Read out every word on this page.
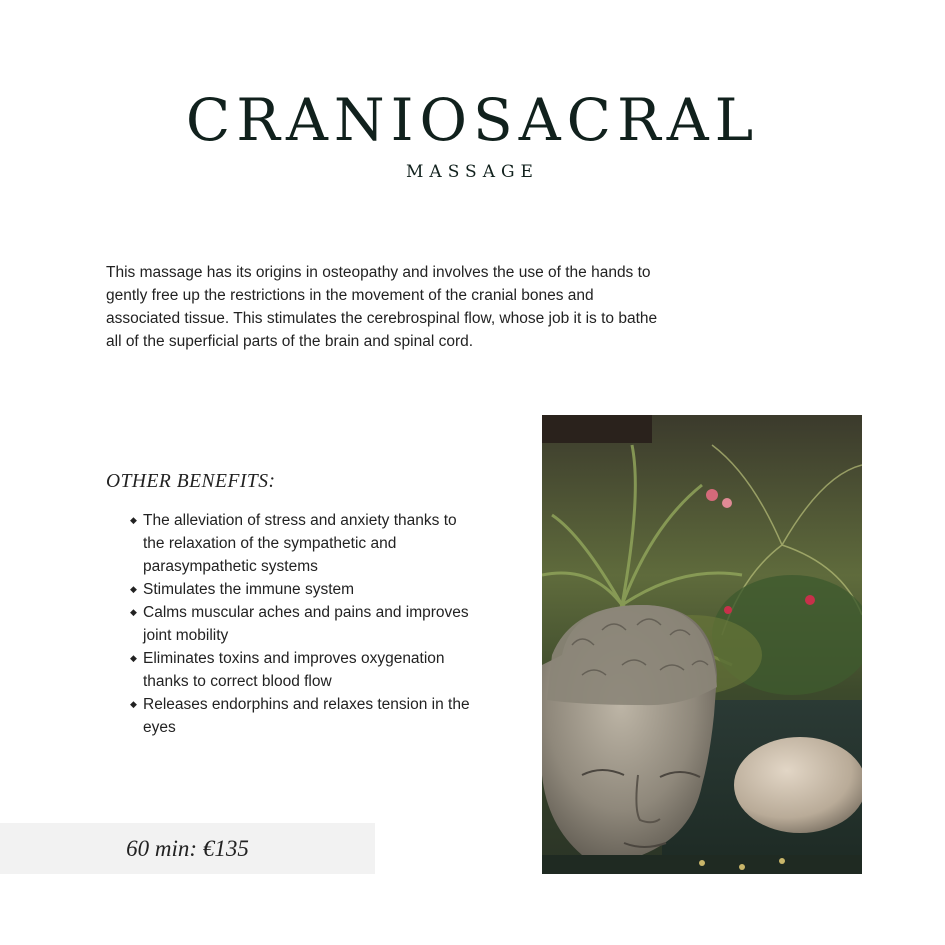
CRANIOSACRAL
MASSAGE

This massage has its origins in osteopathy and involves the use of the hands to gently free up the restrictions in the movement of the cranial bones and associated tissue. This stimulates the cerebrospinal flow, whose job it is to bathe all of the superficial parts of the brain and spinal cord.

OTHER BENEFITS:
◆ The alleviation of stress and anxiety thanks to the relaxation of the sympathetic and parasympathetic systems
◆ Stimulates the immune system
◆ Calms muscular aches and pains and improves joint mobility
◆ Eliminates toxins and improves oxygenation thanks to correct blood flow
◆ Releases endorphins and relaxes tension in the eyes
60 min: €135
